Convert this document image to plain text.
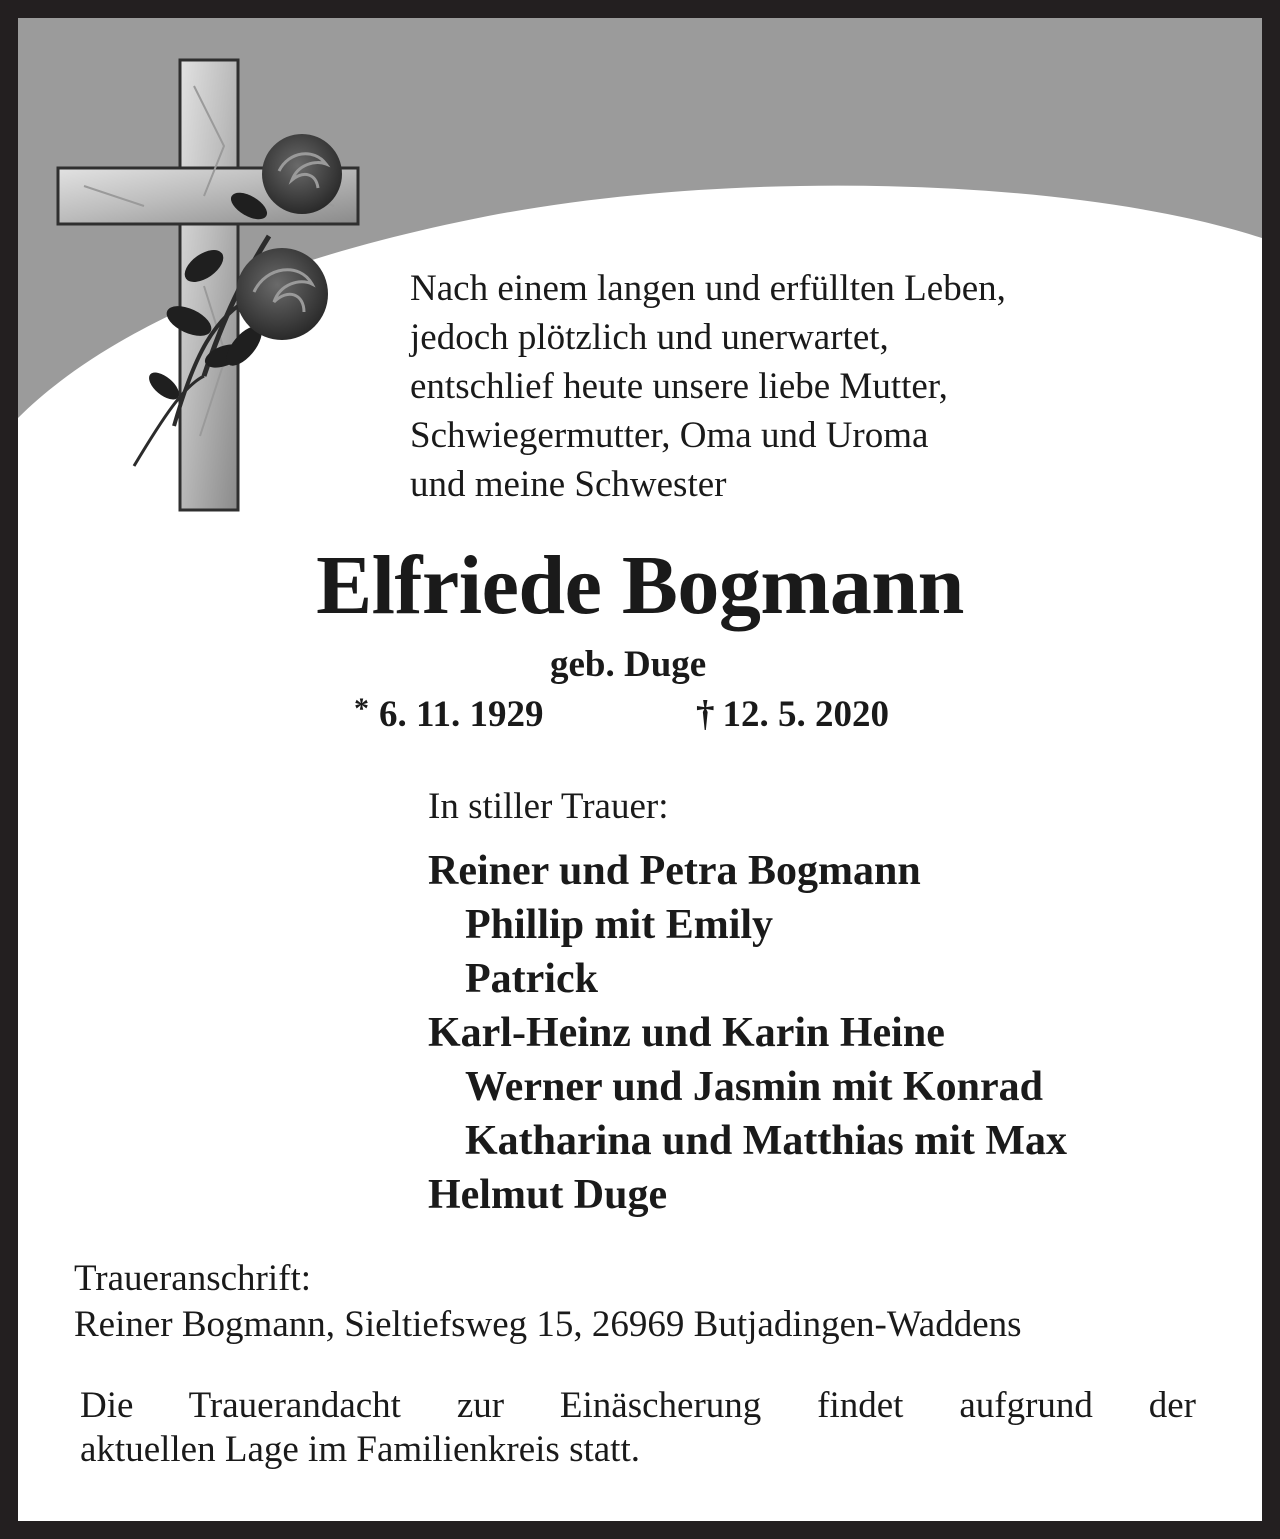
Nach einem langen und erfüllten Leben,
jedoch plötzlich und unerwartet,
entschlief heute unsere liebe Mutter,
Schwiegermutter, Oma und Uroma
und meine Schwester

Elfriede Bogmann
geb. Duge
* 6. 11. 1929	† 12. 5. 2020
In stiller Trauer:
Reiner und Petra Bogmann
Phillip mit Emily
Patrick
Karl-Heinz und Karin Heine
Werner und Jasmin mit Konrad
Katharina und Matthias mit Max
Helmut Duge
Traueranschrift:
Reiner Bogmann, Sieltiefsweg 15, 26969 Butjadingen-Waddens
Die Trauerandacht zur Einäscherung findet aufgrund der
aktuellen Lage im Familienkreis statt.
